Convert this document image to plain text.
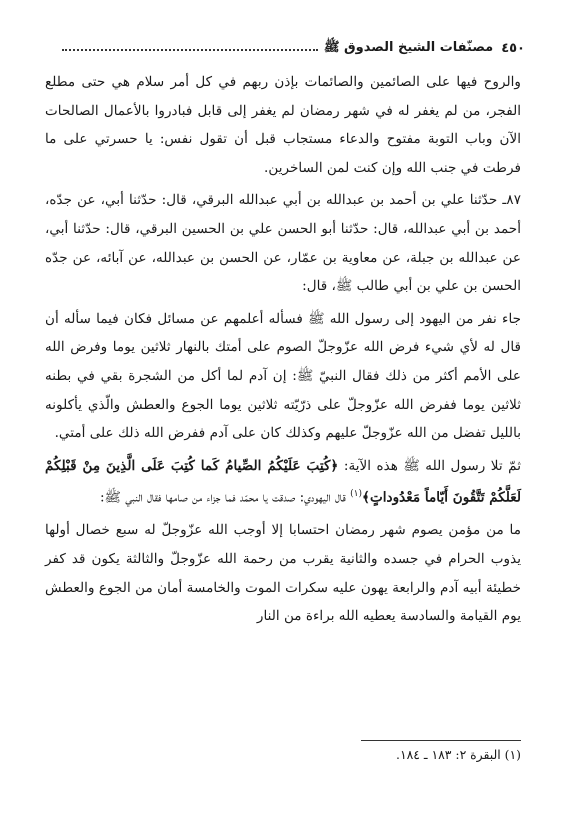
٤٥٠
مصنّفات الشيخ الصدوق ﷺ

والروح فيها على الصائمين والصائمات بإذن ربهم في كل أمر سلام هي حتى مطلع الفجر، من لم يغفر له في شهر رمضان لم يغفر إلى قابل فبادروا بالأعمال الصالحات الآن وباب التوبة مفتوح والدعاء مستجاب قبل أن تقول نفس: يا حسرتي على ما فرطت في جنب الله وإن كنت لمن الساخرين.

٨٧ـ حدّثنا علي بن أحمد بن عبدالله بن أبي عبدالله البرقي، قال: حدّثنا أبي، عن جدّه، أحمد بن أبي عبدالله، قال: حدّثنا أبو الحسن علي بن الحسين البرقي، قال: حدّثنا أبي، عن عبدالله بن جبلة، عن معاوية بن عمّار، عن الحسن بن عبدالله، عن آبائه، عن جدّه الحسن بن علي بن أبي طالب ﷺ، قال:

جاء نفر من اليهود إلى رسول الله ﷺ فسأله أعلمهم عن مسائل فكان فيما سأله أن قال له لأي شيء فرض الله عزّوجلّ الصوم على أمتك بالنهار ثلاثين يوما وفرض الله على الأمم أكثر من ذلك فقال النبيّ ﷺ: إن آدم لما أكل من الشجرة بقي في بطنه ثلاثين يوما ففرض الله عزّوجلّ على ذرّيّته ثلاثين يوما الجوع والعطش والّذي يأكلونه بالليل تفضل من الله عزّوجلّ عليهم وكذلك كان على آدم ففرض الله ذلك على أمتي.

ثمّ تلا رسول الله ﷺ هذه الآية: ﴿كُتِبَ عَلَيْكُمُ الصِّيامُ كَما كُتِبَ عَلَى الَّذِينَ مِنْ قَبْلِكُمْ لَعَلَّكُمْ تَتَّقُونَ أَيّاماً مَعْدُوداتٍ﴾$^{(١)}$ قال اليهودي: صدقت يا محمّد فما جزاء من صامها فقال النبي ﷺ:

ما من مؤمن يصوم شهر رمضان احتسابا إلا أوجب الله عزّوجلّ له سبع خصال أولها يذوب الحرام في جسده والثانية يقرب من رحمة الله عزّوجلّ والثالثة يكون قد كفر خطيئة أبيه آدم والرابعة يهون عليه سكرات الموت والخامسة أمان من الجوع والعطش يوم القيامة والسادسة يعطيه الله براءة من النار

(١) البقرة ٢: ١٨٣ ـ ١٨٤.
